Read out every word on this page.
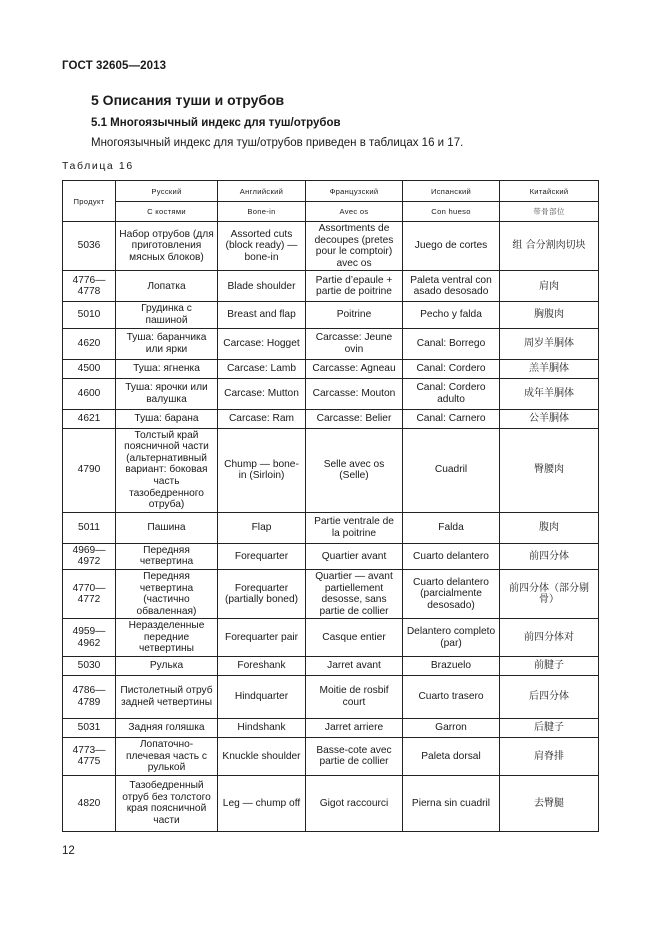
ГОСТ 32605—2013
5 Описания туши и отрубов
5.1 Многоязычный индекс для туш/отрубов
Многоязычный индекс для туш/отрубов приведен в таблицах 16 и 17.
Таблица 16
Продукт	Русский	Английский	Французский	Испанский	Китайский
	С костями	Bone-in	Avec os	Con hueso	带骨部位
5036	Набор отрубов (для приготовления мясных блоков)	Assorted cuts (block ready) — bone-in	Assortments de decoupes (pretes pour le comptoir) avec os	Juego de cortes	组 合分割肉切块
4776—4778	Лопатка	Blade shoulder	Partie d’epaule + partie de poitrine	Paleta ventral con asado desosado	肩肉
5010	Грудинка с пашиной	Breast and flap	Poitrine	Pecho y falda	胸腹肉
4620	Туша: баранчика или ярки	Carcase: Hogget	Carcasse: Jeune ovin	Canal: Borrego	周岁羊胴体
4500	Туша: ягненка	Carcase: Lamb	Carcasse: Agneau	Canal: Cordero	羔羊胴体
4600	Туша: ярочки или валушка	Carcase: Mutton	Carcasse: Mouton	Canal: Cordero adulto	成年羊胴体
4621	Туша: барана	Carcase: Ram	Carcasse: Belier	Canal: Carnero	公羊胴体
4790	Толстый край поясничной части (альтернативный вариант: боковая часть тазобедренного отруба)	Chump — bone-in (Sirloin)	Selle avec os (Selle)	Cuadril	臀腰肉
5011	Пашина	Flap	Partie ventrale de la poitrine	Falda	腹肉
4969—4972	Передняя четвертина	Forequarter	Quartier avant	Cuarto delantero	前四分体
4770—4772	Передняя четвертина (частично обваленная)	Forequarter (partially boned)	Quartier — avant partiellement desosse, sans partie de collier	Cuarto delantero (parcialmente desosado)	前四分体（部分剔骨）
4959—4962	Неразделенные передние четвертины	Forequarter pair	Casque entier	Delantero completo (par)	前四分体对
5030	Рулька	Foreshank	Jarret avant	Brazuelo	前腱子
4786—4789	Пистолетный отруб задней четвертины	Hindquarter	Moitie de rosbif court	Cuarto trasero	后四分体
5031	Задняя голяшка	Hindshank	Jarret arriere	Garron	后腱子
4773—4775	Лопаточно-плечевая часть с рулькой	Knuckle shoulder	Basse-cote avec partie de collier	Paleta dorsal	肩脊排
4820	Тазобедренный отруб без толстого края поясничной части	Leg — chump off	Gigot raccourci	Pierna sin cuadril	去臀腿
12
